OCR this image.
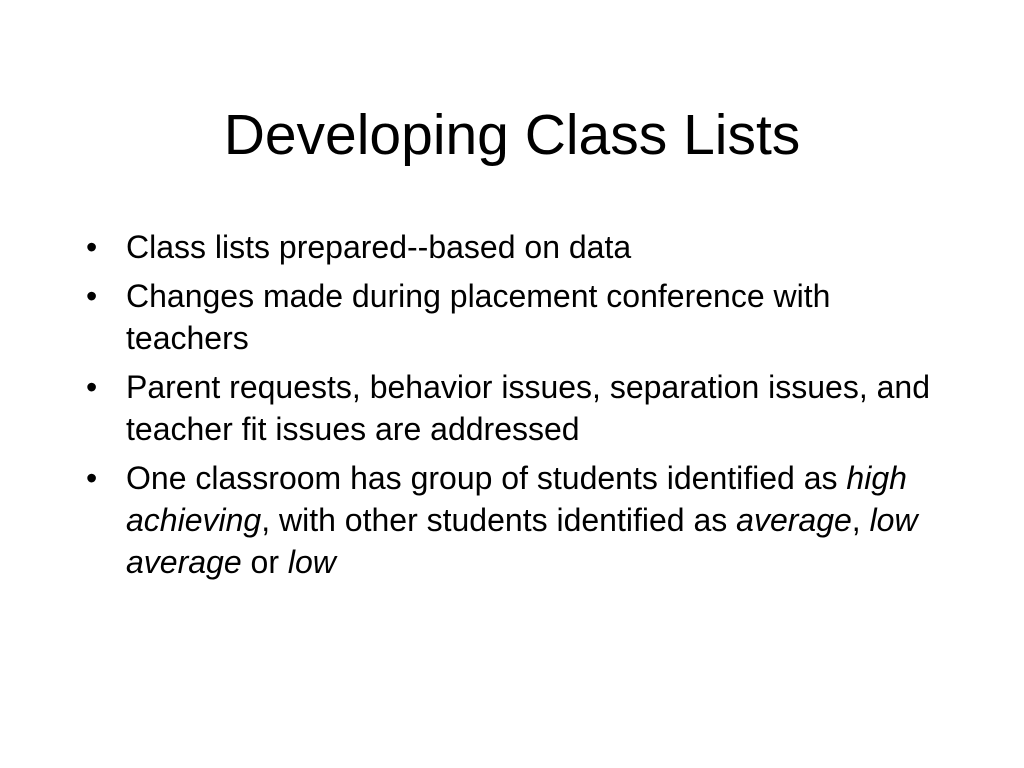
Developing Class Lists
• Class lists prepared--based on data
• Changes made during placement conference with teachers
• Parent requests, behavior issues, separation issues, and teacher fit issues are addressed
• One classroom has group of students identified as high achieving, with other students identified as average, low average or low
